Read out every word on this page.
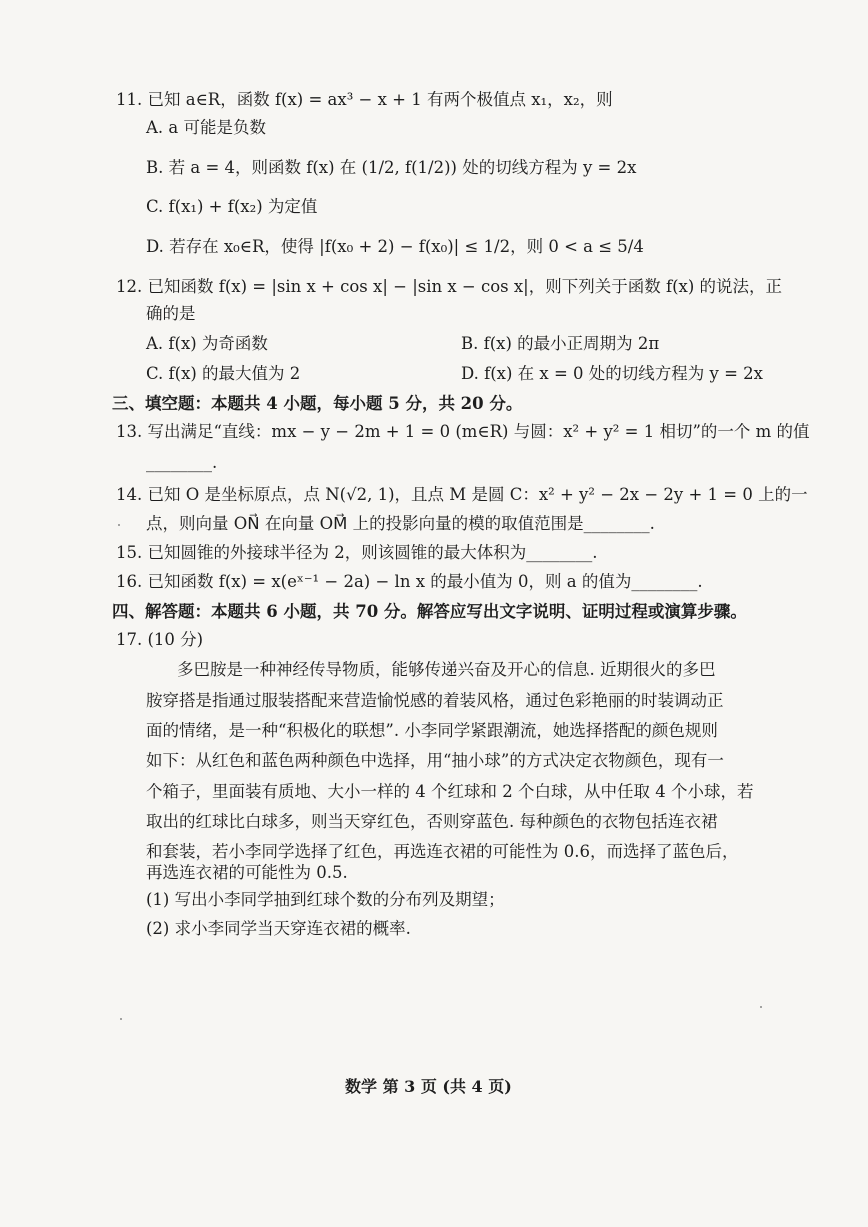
11. 已知 a∈R，函数 f(x) = ax³ − x + 1 有两个极值点 x₁，x₂，则
A. a 可能是负数
B. 若 a = 4，则函数 f(x) 在 (1/2, f(1/2)) 处的切线方程为 y = 2x
C. f(x₁) + f(x₂) 为定值
D. 若存在 x₀∈R，使得 |f(x₀ + 2) − f(x₀)| ≤ 1/2，则 0 < a ≤ 5/4
12. 已知函数 f(x) = |sin x + cos x| − |sin x − cos x|，则下列关于函数 f(x) 的说法，正
确的是
A. f(x) 为奇函数	B. f(x) 的最小正周期为 2π
C. f(x) 的最大值为 2	D. f(x) 在 x = 0 处的切线方程为 y = 2x
三、填空题：本题共 4 小题，每小题 5 分，共 20 分。
13. 写出满足“直线：mx − y − 2m + 1 = 0 (m∈R) 与圆：x² + y² = 1 相切”的一个 m 的值
________.
14. 已知 O 是坐标原点，点 N(√2, 1)，且点 M 是圆 C：x² + y² − 2x − 2y + 1 = 0 上的一
点，则向量 ON⃗ 在向量 OM⃗ 上的投影向量的模的取值范围是________.
15. 已知圆锥的外接球半径为 2，则该圆锥的最大体积为________.
16. 已知函数 f(x) = x(eˣ⁻¹ − 2a) − ln x 的最小值为 0，则 a 的值为________.
四、解答题：本题共 6 小题，共 70 分。解答应写出文字说明、证明过程或演算步骤。
17. (10 分)
多巴胺是一种神经传导物质，能够传递兴奋及开心的信息. 近期很火的多巴
胺穿搭是指通过服装搭配来营造愉悦感的着装风格，通过色彩艳丽的时装调动正
面的情绪，是一种“积极化的联想”. 小李同学紧跟潮流，她选择搭配的颜色规则
如下：从红色和蓝色两种颜色中选择，用“抽小球”的方式决定衣物颜色，现有一
个箱子，里面装有质地、大小一样的 4 个红球和 2 个白球，从中任取 4 个小球，若
取出的红球比白球多，则当天穿红色，否则穿蓝色. 每种颜色的衣物包括连衣裙
和套装，若小李同学选择了红色，再选连衣裙的可能性为 0.6，而选择了蓝色后，
再选连衣裙的可能性为 0.5.
(1) 写出小李同学抽到红球个数的分布列及期望；
(2) 求小李同学当天穿连衣裙的概率.
数学 第 3 页 (共 4 页)
